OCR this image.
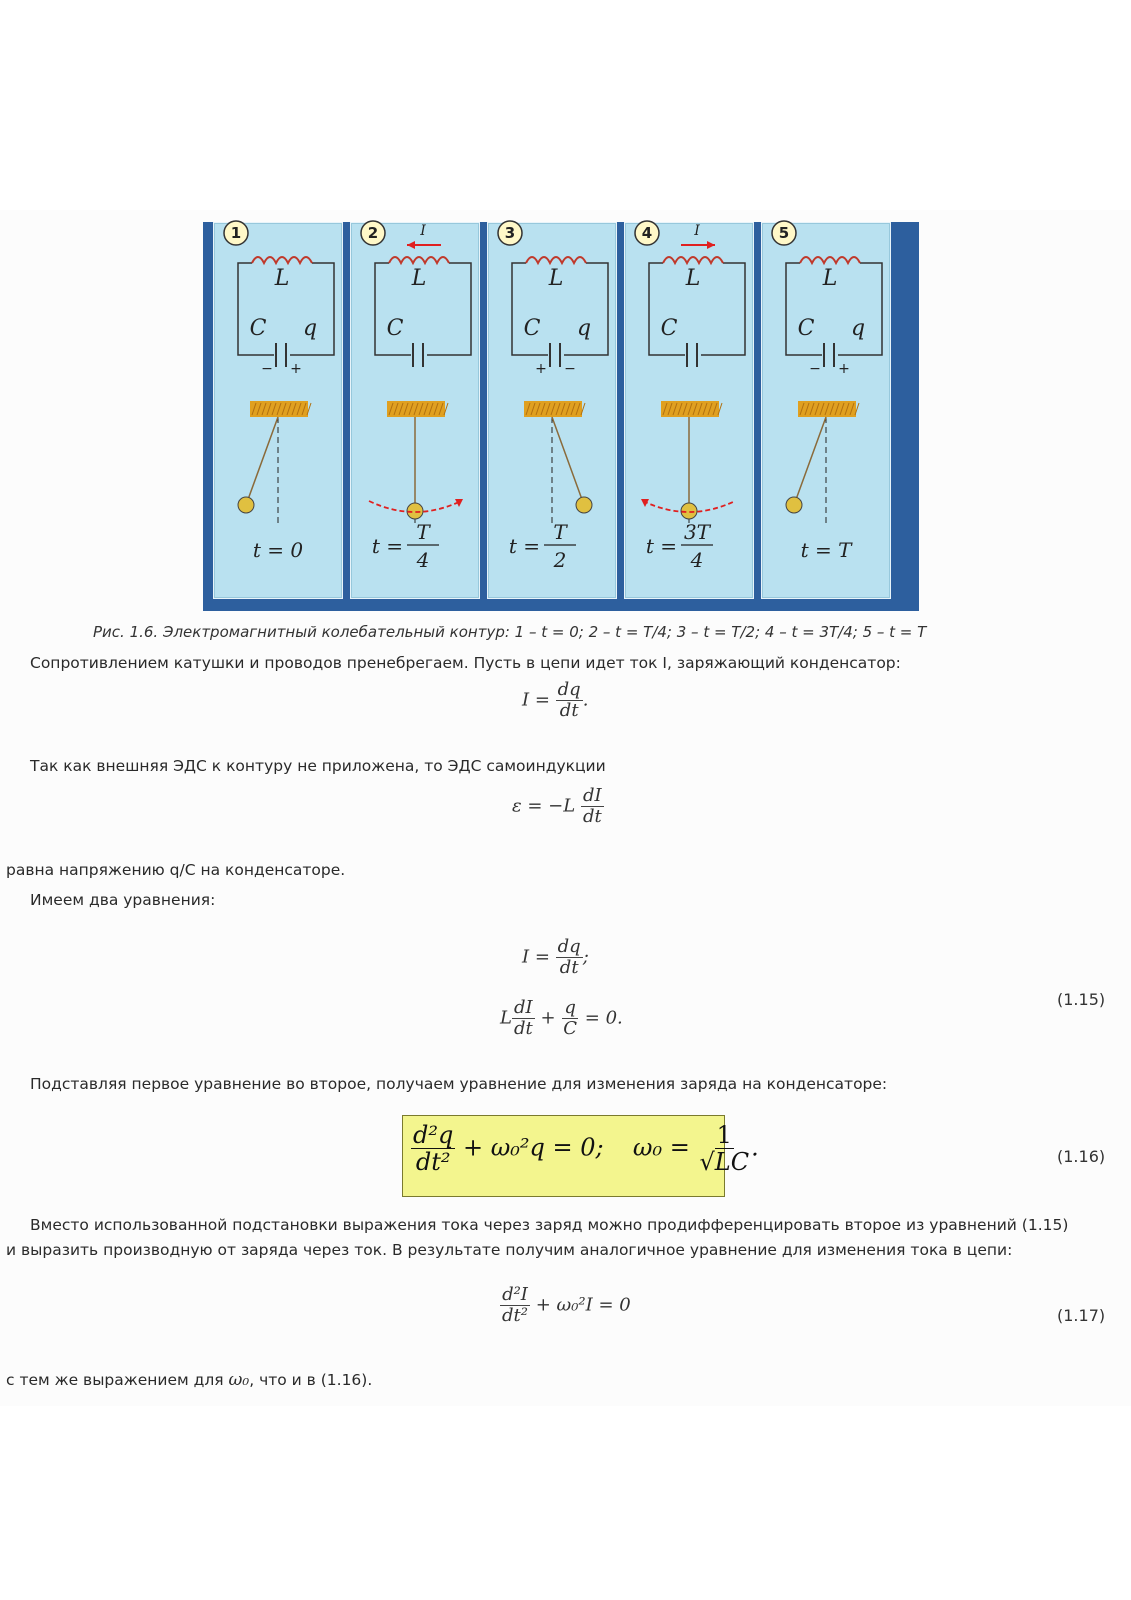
1
L
C q
− +
t = 0
2	I
L
C
t =
T
4
3
L
C q
+ −
t =
T
2
4	I
L
C
t =
3T
4
5
L
C q
− +
t = T
Рис. 1.6. Электромагнитный колебательный контур: 1 – t = 0; 2 – t = T/4; 3 – t = T/2; 4 – t = 3T/4; 5 – t = T
Сопротивлением катушки и проводов пренебрегаем. Пусть в цепи идет ток I, заряжающий конденсатор:
$I = \frac{dq}{dt}$ .
Так как внешняя ЭДС к контуру не приложена, то ЭДС самоиндукции
$\varepsilon = -L \frac{dI}{dt}$
равна напряжению q/C на конденсаторе.
Имеем два уравнения:
$I = \frac{dq}{dt}$ ;
L $\frac{dI}{dt} + \frac{q}{C} = 0$.
(1.15)
Подставляя первое уравнение во второе, получаем уравнение для изменения заряда на конденсаторе:
$\frac{\text{d²q}}{\text{dt²}} + \omega_0^2q = 0$; $\omega_0 = \frac{1}{√LC}$ .	(1.16)
Вместо использованной подстановки выражения тока через заряд можно продифференцировать второе из уравнений (1.15)
и выразить производную от заряда через ток. В результате получим аналогичное уравнение для изменения тока в цепи:
$\frac{\text{d²I}}{\text{dt²}} + \omega_0^2I = 0$
(1.17)
с тем же выражением для ω₀, что и в (1.16).
